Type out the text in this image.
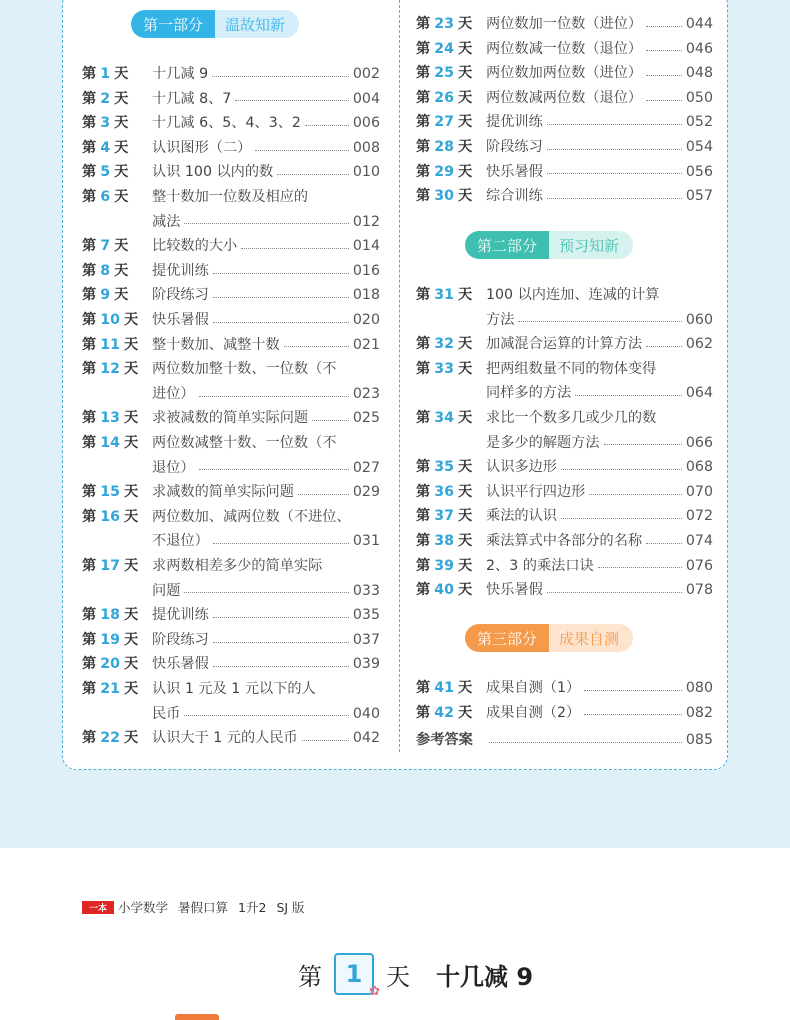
第一部分	温故知新
第二部分	预习知新
第三部分	成果自测
第 1 天	十几减 9	002
第 2 天	十几减 8、7	004
第 3 天	十几减 6、5、4、3、2	006
第 4 天	认识图形（二）	008
第 5 天	认识 100 以内的数	010
第 6 天	整十数加一位数及相应的
减法	012
第 7 天	比较数的大小	014
第 8 天	提优训练	016
第 9 天	阶段练习	018
第 10 天 快乐暑假	020
第 11 天 整十数加、减整十数	021
第 12 天 两位数加整十数、一位数（不
进位）	023
第 13 天 求被减数的简单实际问题	025
第 14 天 两位数减整十数、一位数（不
退位）	027
第 15 天 求减数的简单实际问题	029
第 16 天 两位数加、减两位数（不进位、
不退位）	031
第 17 天 求两数相差多少的简单实际
问题	033
第 18 天 提优训练	035
第 19 天 阶段练习	037
第 20 天 快乐暑假	039
第 21 天 认识 1 元及 1 元以下的人
民币	040
第 22 天 认识大于 1 元的人民币	042
第 23 天 两位数加一位数（进位）	044
第 24 天 两位数减一位数（退位）	046
第 25 天 两位数加两位数（进位）	048
第 26 天 两位数减两位数（退位）	050
第 27 天 提优训练	052
第 28 天 阶段练习	054
第 29 天 快乐暑假	056
第 30 天 综合训练	057
第 31 天 100 以内连加、连减的计算
方法	060
第 32 天 加减混合运算的计算方法	062
第 33 天 把两组数量不同的物体变得
同样多的方法	064
第 34 天 求比一个数多几或少几的数
是多少的解题方法	066
第 35 天 认识多边形	068
第 36 天 认识平行四边形	070
第 37 天 乘法的认识	072
第 38 天 乘法算式中各部分的名称	074
第 39 天 2、3 的乘法口诀	076
第 40 天 快乐暑假	078
第 41 天 成果自测（1）	080
第 42 天 成果自测（2）	082
参考答案	085
一本 小学数学 暑假口算 1升2 SJ 版
第 1
✿
天 十几减 9
